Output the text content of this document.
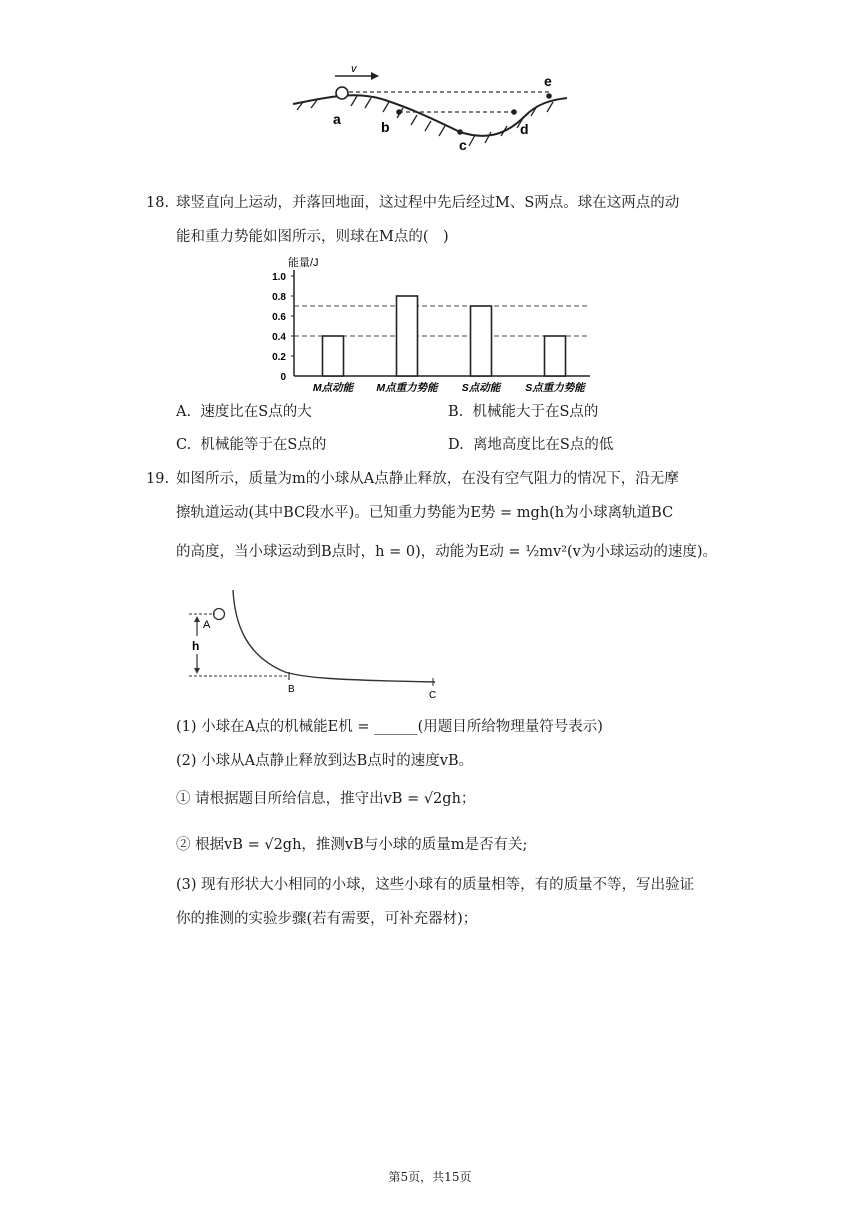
v
a	b
c
d
e
18. 球竖直向上运动，并落回地面，这过程中先后经过M、S两点。球在这两点的动
能和重力势能如图所示，则球在M点的(　)
能量/J
0
0.2
0.4
0.6
0.8
1.0
M点动能 M点重力势能 S点动能 S点重力势能
A. 速度比在S点的大	B. 机械能大于在S点的
C. 机械能等于在S点的	D. 离地高度比在S点的低
19. 如图所示，质量为m的小球从A点静止释放，在没有空气阻力的情况下，沿无摩
擦轨道运动(其中BC段水平)。已知重力势能为E势 = mgh(h为小球离轨道BC
的高度，当小球运动到B点时，h = 0)，动能为E动 = ½mv²(v为小球运动的速度)。
h
A
B
C
(1) 小球在A点的机械能E机 = ______(用题目所给物理量符号表示)
(2) 小球从A点静止释放到达B点时的速度vB。
① 请根据题目所给信息，推守出vB = √2gh；
② 根据vB = √2gh，推测vB与小球的质量m是否有关;
(3) 现有形状大小相同的小球，这些小球有的质量相等，有的质量不等，写出验证
你的推测的实验步骤(若有需要，可补充器材)；
第5页，共15页
